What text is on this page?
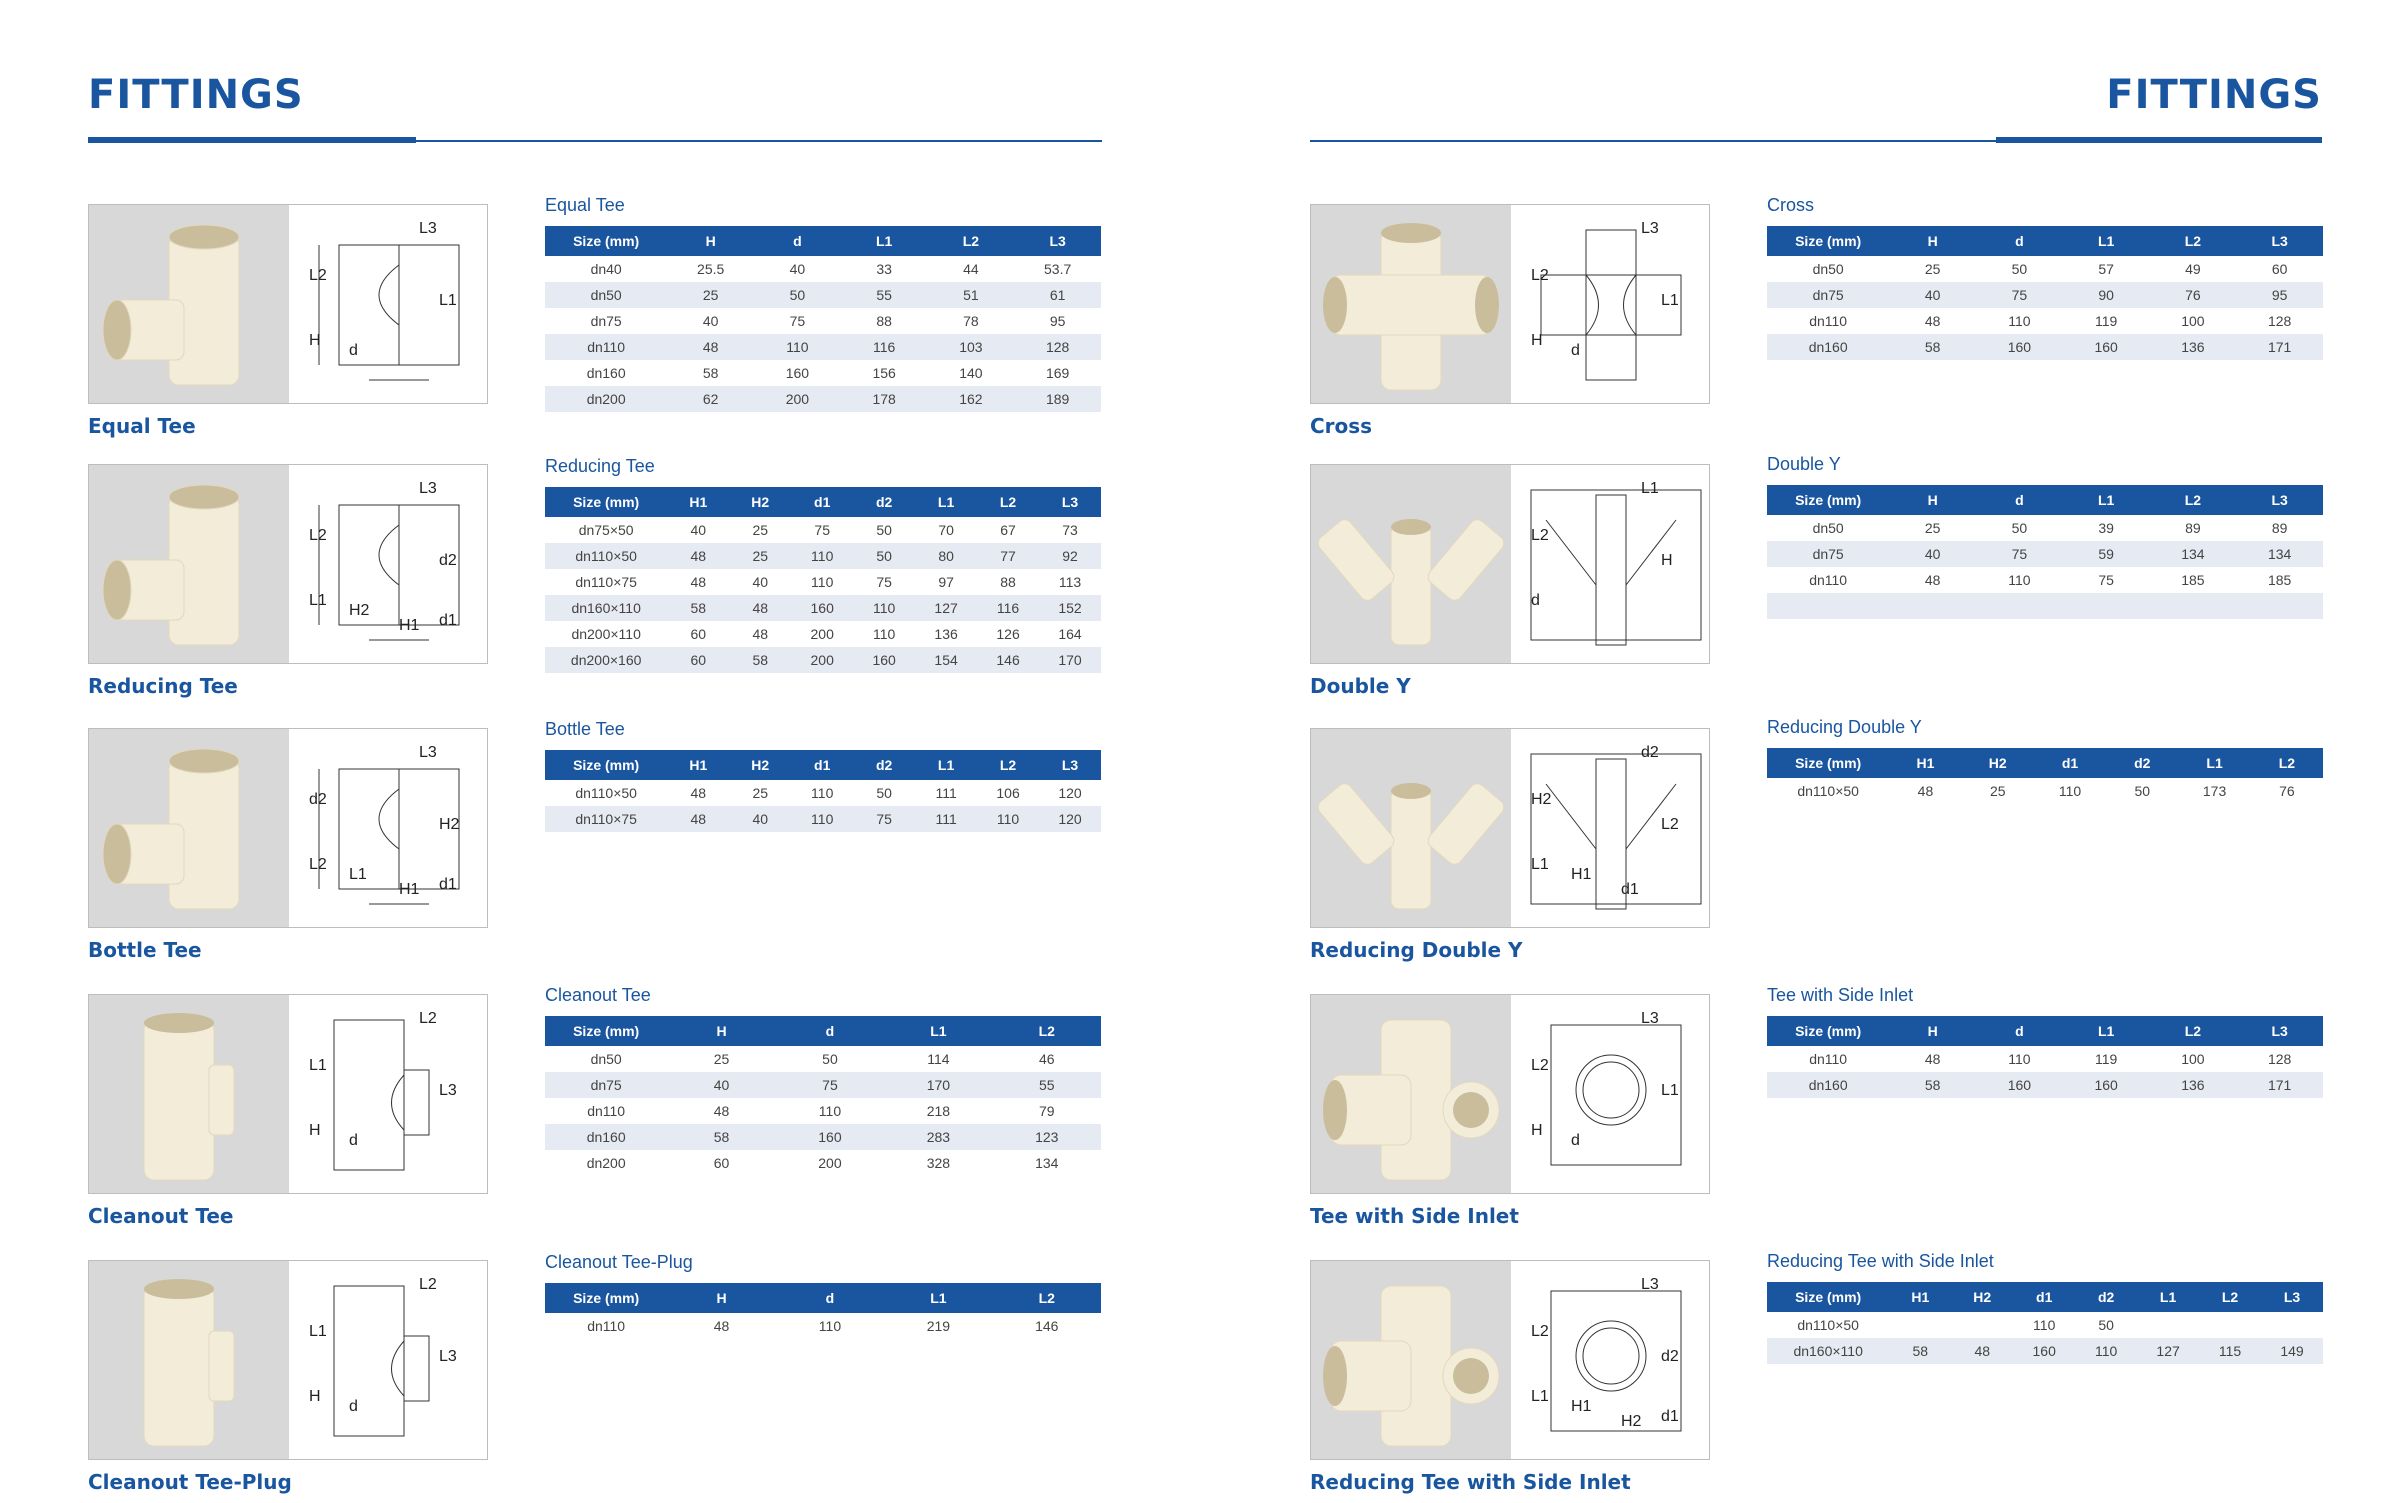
FITTINGS	FITTINGS
L3
L2
L1
H
d
Equal Tee
Equal Tee
Size (mm)	H	d	L1	L2	L3
dn40	25.5	40	33	44	53.7
dn50	25	50	55	51	61
dn75	40	75	88	78	95
dn110	48	110	116	103	128
dn160	58	160	156	140	169
dn200	62	200	178	162	189
L3
L2
d2
L1
H2
H1 d1
Reducing Tee
Reducing Tee
Size (mm)	H1	H2	d1	d2	L1	L2	L3
dn75×50	40	25	75	50	70	67	73
dn110×50	48	25	110	50	80	77	92
dn110×75	48	40	110	75	97	88	113
dn160×110	58	48	160	110	127	116	152
dn200×110	60	48	200	110	136	126	164
dn200×160	60	58	200	160	154	146	170
L3
d2
H2
L2
L1
H1 d1
Bottle Tee
Bottle Tee
Size (mm)	H1	H2	d1	d2	L1	L2	L3
dn110×50	48	25	110	50	111	106	120
dn110×75	48	40	110	75	111	110	120
L2
L1
L3
H
d
Cleanout Tee
Cleanout Tee
Size (mm)	H	d	L1	L2
dn50	25	50	114	46
dn75	40	75	170	55
dn110	48	110	218	79
dn160	58	160	283	123
dn200	60	200	328	134
L2
L1
L3
H
d
Cleanout Tee-Plug
Cleanout Tee-Plug
Size (mm)	H	d	L1	L2
dn110	48	110	219	146
L3
L2
L1
H
d
Cross
Cross
Size (mm)	H	d	L1	L2	L3
dn50	25	50	57	49	60
dn75	40	75	90	76	95
dn110	48	110	119	100	128
dn160	58	160	160	136	171
L1
L2
H
d
Double Y
Double Y
Size (mm)	H	d	L1	L2	L3
dn50	25	50	39	89	89
dn75	40	75	59	134	134
dn110	48	110	75	185	185

d2
H2
L2
L1
H1
d1
Reducing Double Y
Reducing Double Y
Size (mm)	H1	H2	d1	d2	L1	L2
dn110×50	48	25	110	50	173	76
L3
L2
L1
H
d
Tee with Side Inlet
Tee with Side Inlet
Size (mm)	H	d	L1	L2	L3
dn110	48	110	119	100	128
dn160	58	160	160	136	171
L3
L2
d2
L1
H1
H2 d1
Reducing Tee with Side Inlet
Reducing Tee with Side Inlet
Size (mm)	H1	H2	d1	d2	L1	L2	L3
dn110×50			110	50			
dn160×110	58	48	160	110	127	115	149
